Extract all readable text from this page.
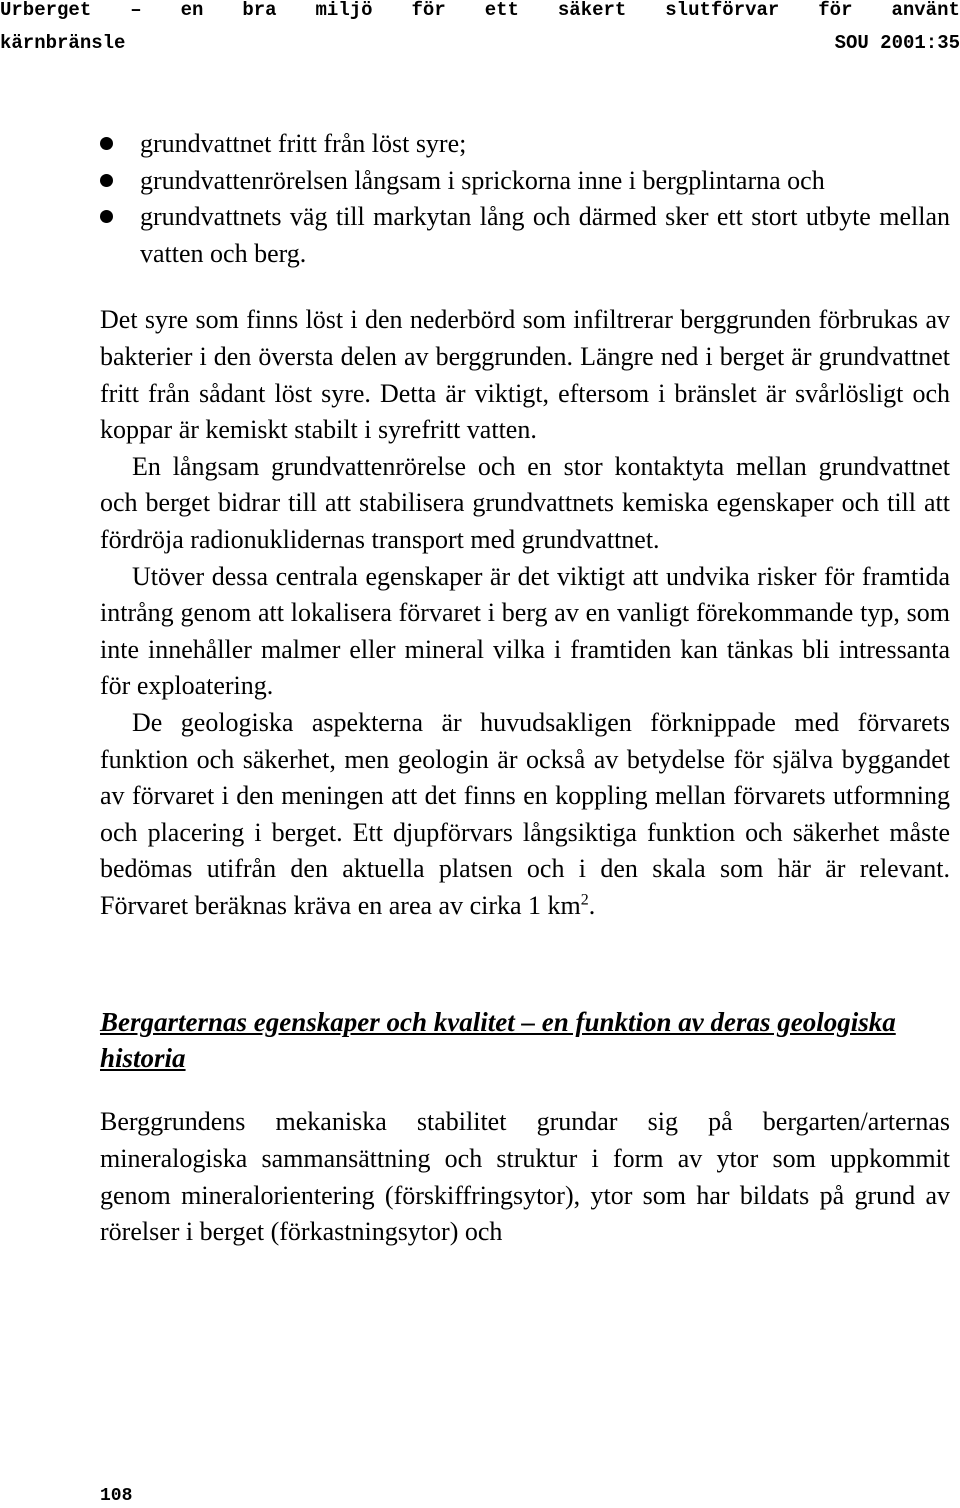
Urberget – en bra miljö för ett säkert slutförvar för använt
kärnbränsle	SOU 2001:35
grundvattnet fritt från löst syre;
grundvattenrörelsen långsam i sprickorna inne i bergplintarna och
grundvattnets väg till markytan lång och därmed sker ett stort utbyte mellan vatten och berg.

Det syre som finns löst i den nederbörd som infiltrerar berggrunden förbrukas av bakterier i den översta delen av berggrunden. Längre ned i berget är grundvattnet fritt från sådant löst syre. Detta är viktigt, eftersom i bränslet är svårlösligt och koppar är kemiskt stabilt i syrefritt vatten.

En långsam grundvattenrörelse och en stor kontaktyta mellan grundvattnet och berget bidrar till att stabilisera grundvattnets kemiska egenskaper och till att fördröja radionuklidernas transport med grundvattnet.

Utöver dessa centrala egenskaper är det viktigt att undvika risker för framtida intrång genom att lokalisera förvaret i berg av en vanligt förekommande typ, som inte innehåller malmer eller mineral vilka i framtiden kan tänkas bli intressanta för exploatering.

De geologiska aspekterna är huvudsakligen förknippade med förvarets funktion och säkerhet, men geologin är också av betydelse för själva byggandet av förvaret i den meningen att det finns en koppling mellan förvarets utformning och placering i berget. Ett djupförvars långsiktiga funktion och säkerhet måste bedömas utifrån den aktuella platsen och i den skala som här är relevant. Förvaret beräknas kräva en area av cirka 1 $km^2$.

Bergarternas egenskaper och kvalitet – en funktion av deras geologiska historia

Berggrundens mekaniska stabilitet grundar sig på bergarten/arternas mineralogiska sammansättning och struktur i form av ytor som uppkommit genom mineralorientering (förskiffringsytor), ytor som har bildats på grund av rörelser i berget (förkastningsytor) och

108
